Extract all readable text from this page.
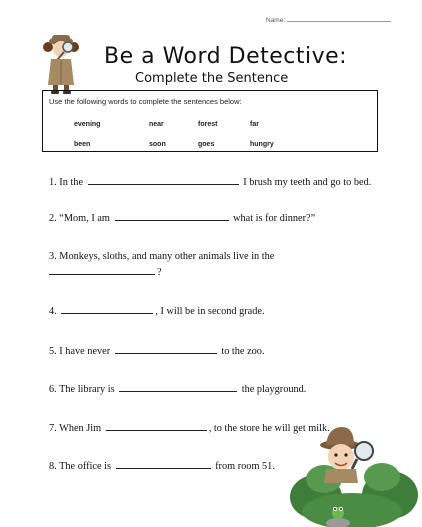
Name:
Be a Word Detective:
Complete the Sentence
Use the following words to complete the sentences below:
evening	near	forest	far
been	soon	goes	hungry
1. In the	I brush my teeth and go to bed.
2. “Mom, I am	what is for dinner?”
3. Monkeys, sloths, and many other animals live in the
?
4.	, I will be in second grade.
5. I have never	to the zoo.
6. The library is	the playground.
7. When Jim	, to the store he will get milk.
8. The office is	from room 51.
